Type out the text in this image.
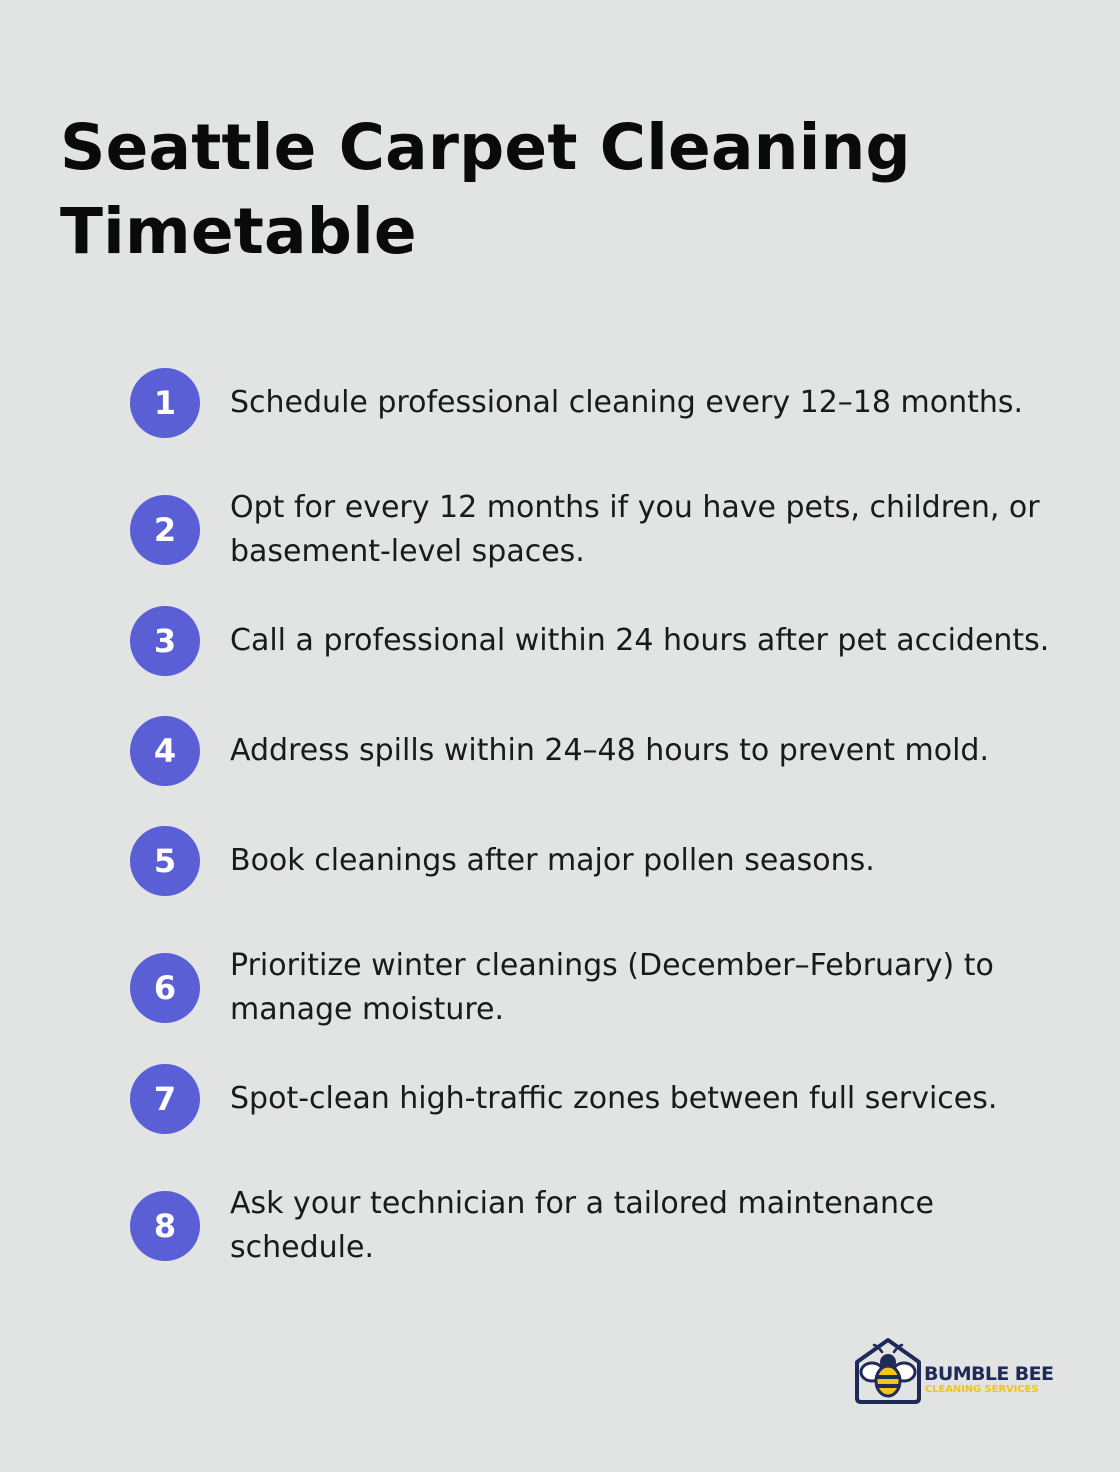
Seattle Carpet Cleaning Timetable
1	Schedule professional cleaning every 12–18 months.
2
Opt for every 12 months if you have pets, children, or basement-level spaces.
3	Call a professional within 24 hours after pet accidents.
4	Address spills within 24–48 hours to prevent mold.
5	Book cleanings after major pollen seasons.
6
Prioritize winter cleanings (December–February) to manage moisture.
7	Spot-clean high-traffic zones between full services.
8
Ask your technician for a tailored maintenance schedule.
BUMBLE BEE
CLEANING SERVICES
